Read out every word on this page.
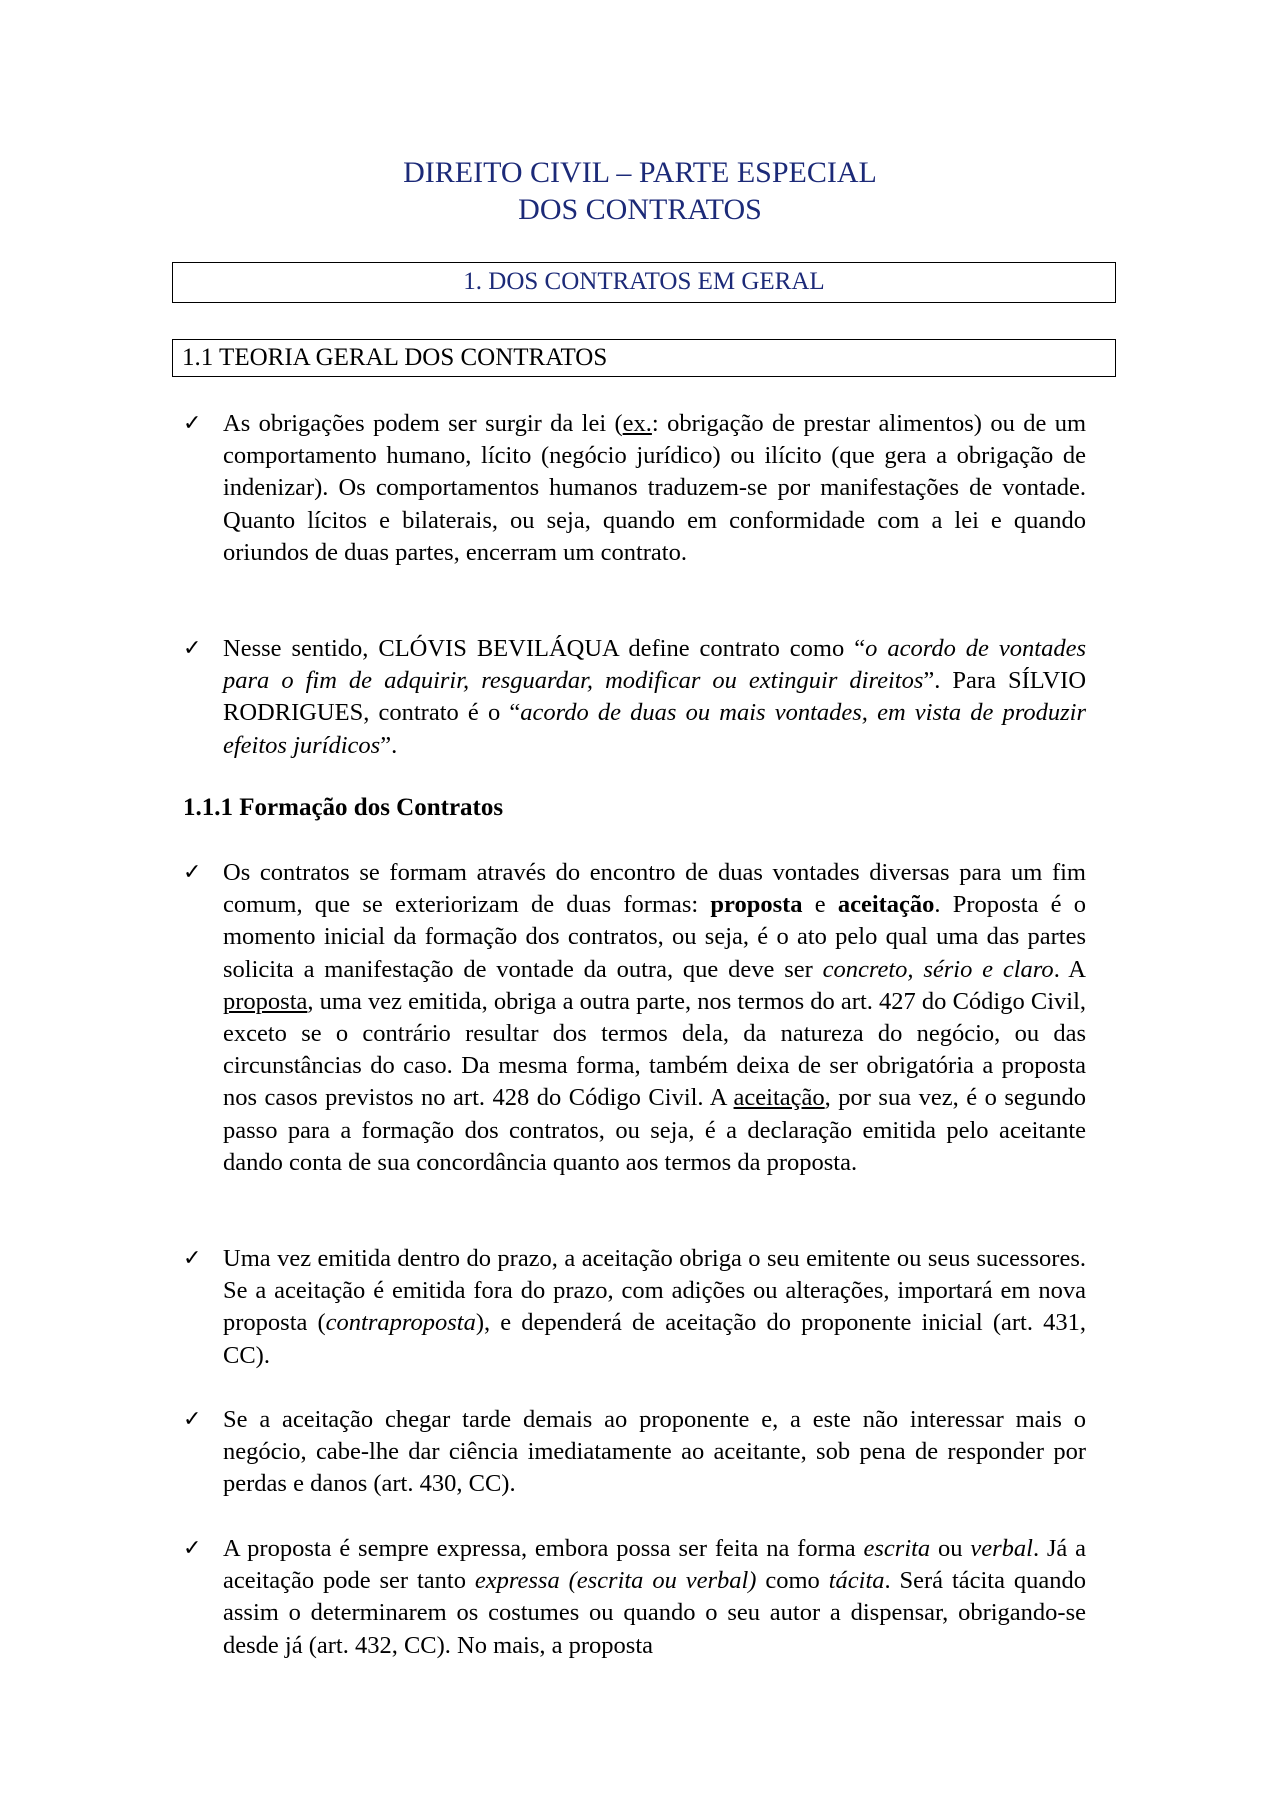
DIREITO CIVIL – PARTE ESPECIAL
DOS CONTRATOS
1. DOS CONTRATOS EM GERAL
1.1 TEORIA GERAL DOS CONTRATOS
✓ As obrigações podem ser surgir da lei (ex.: obrigação de prestar alimentos) ou de um comportamento humano, lícito (negócio jurídico) ou ilícito (que gera a obrigação de indenizar). Os comportamentos humanos traduzem-se por manifestações de vontade. Quanto lícitos e bilaterais, ou seja, quando em conformidade com a lei e quando oriundos de duas partes, encerram um contrato.

✓ Nesse sentido, CLÓVIS BEVILÁQUA define contrato como “o acordo de vontades para o fim de adquirir, resguardar, modificar ou extinguir direitos”. Para SÍLVIO RODRIGUES, contrato é o “acordo de duas ou mais vontades, em vista de produzir efeitos jurídicos”.

1.1.1 Formação dos Contratos
✓ Os contratos se formam através do encontro de duas vontades diversas para um fim comum, que se exteriorizam de duas formas: proposta e aceitação. Proposta é o momento inicial da formação dos contratos, ou seja, é o ato pelo qual uma das partes solicita a manifestação de vontade da outra, que deve ser concreto, sério e claro. A proposta, uma vez emitida, obriga a outra parte, nos termos do art. 427 do Código Civil, exceto se o contrário resultar dos termos dela, da natureza do negócio, ou das circunstâncias do caso. Da mesma forma, também deixa de ser obrigatória a proposta nos casos previstos no art. 428 do Código Civil. A aceitação, por sua vez, é o segundo passo para a formação dos contratos, ou seja, é a declaração emitida pelo aceitante dando conta de sua concordância quanto aos termos da proposta.

✓ Uma vez emitida dentro do prazo, a aceitação obriga o seu emitente ou seus sucessores. Se a aceitação é emitida fora do prazo, com adições ou alterações, importará em nova proposta (contraproposta), e dependerá de aceitação do proponente inicial (art. 431, CC).

✓ Se a aceitação chegar tarde demais ao proponente e, a este não interessar mais o negócio, cabe-lhe dar ciência imediatamente ao aceitante, sob pena de responder por perdas e danos (art. 430, CC).

✓ A proposta é sempre expressa, embora possa ser feita na forma escrita ou verbal. Já a aceitação pode ser tanto expressa (escrita ou verbal) como tácita. Será tácita quando assim o determinarem os costumes ou quando o seu autor a dispensar, obrigando-se desde já (art. 432, CC). No mais, a proposta
